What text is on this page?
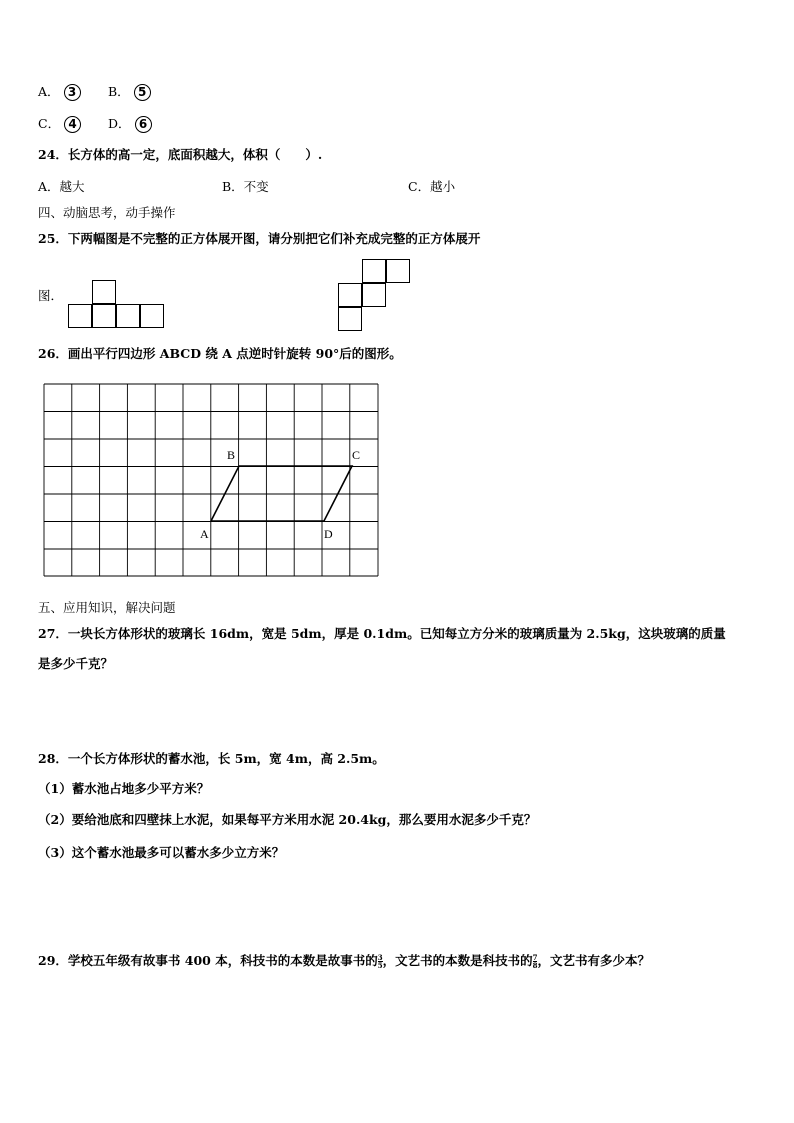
A． 3	B． 5
C． 4	D． 6
24．长方体的高一定，底面积越大，体积（　　）.
A．越大	B．不变	C．越小
四、动脑思考，动手操作
25．下两幅图是不完整的正方体展开图，请分别把它们补充成完整的正方体展开
图．
26．画出平行四边形 ABCD 绕 A 点逆时针旋转 90°后的图形。
A
B	C
D
五、应用知识，解决问题
27．一块长方体形状的玻璃长 16dm，宽是 5dm，厚是 0.1dm。已知每立方分米的玻璃质量为 2.5kg，这块玻璃的质量
是多少千克？
28．一个长方体形状的蓄水池，长 5m，宽 4m，高 2.5m。
（1）蓄水池占地多少平方米？
（2）要给池底和四壁抹上水泥，如果每平方米用水泥 20.4kg，那么要用水泥多少千克？
（3）这个蓄水池最多可以蓄水多少立方米？
29．学校五年级有故事书 400 本，科技书的本数是故事书的 $\frac{3}{5}$ ，文艺书的本数是科技书的 $\frac{7}{8}$ ，文艺书有多少本？
